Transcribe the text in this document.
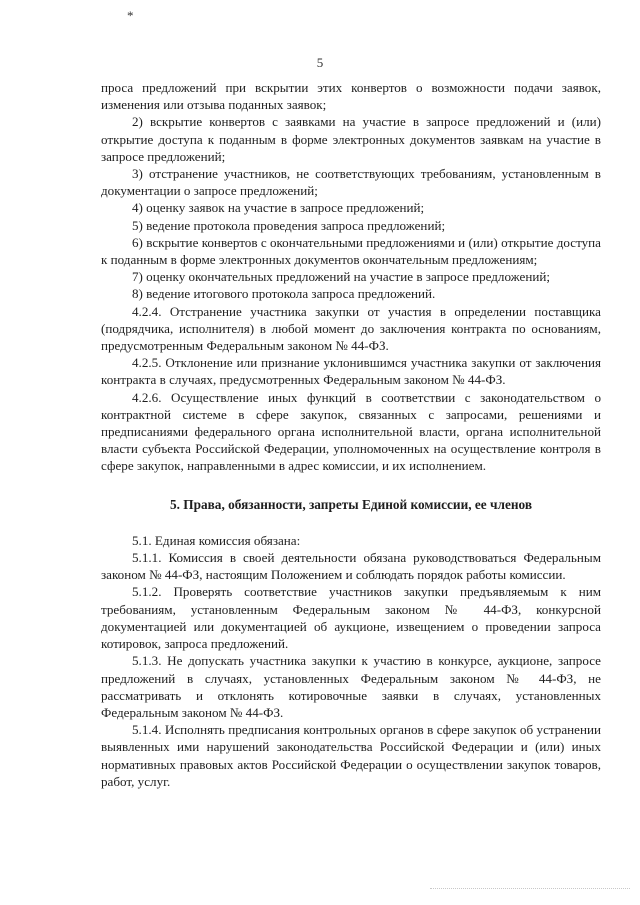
*
5

проса предложений при вскрытии этих конвертов о возможности подачи заявок, изменения или отзыва поданных заявок;

2) вскрытие конвертов с заявками на участие в запросе предложений и (или) открытие доступа к поданным в форме электронных документов заявкам на участие в запросе предложений;

3) отстранение участников, не соответствующих требованиям, установленным в документации о запросе предложений;

4) оценку заявок на участие в запросе предложений;

5) ведение протокола проведения запроса предложений;

6) вскрытие конвертов с окончательными предложениями и (или) открытие доступа к поданным в форме электронных документов окончательным предложениям;

7) оценку окончательных предложений на участие в запросе предложений;

8) ведение итогового протокола запроса предложений.

4.2.4. Отстранение участника закупки от участия в определении поставщика (подрядчика, исполнителя) в любой момент до заключения контракта по основаниям, предусмотренным Федеральным законом № 44-ФЗ.

4.2.5. Отклонение или признание уклонившимся участника закупки от заключения контракта в случаях, предусмотренных Федеральным законом № 44-ФЗ.

4.2.6. Осуществление иных функций в соответствии с законодательством о контрактной системе в сфере закупок, связанных с запросами, решениями и предписаниями федерального органа исполнительной власти, органа исполнительной власти субъекта Российской Федерации, уполномоченных на осуществление контроля в сфере закупок, направленными в адрес комиссии, и их исполнением.

5. Права, обязанности, запреты Единой комиссии, ее членов

5.1. Единая комиссия обязана:

5.1.1. Комиссия в своей деятельности обязана руководствоваться Федеральным законом № 44-ФЗ, настоящим Положением и соблюдать порядок работы комиссии.

5.1.2. Проверять соответствие участников закупки предъявляемым к ним требованиям, установленным Федеральным законом № 44-ФЗ, конкурсной документацией или документацией об аукционе, извещением о проведении запроса котировок, запроса предложений.

5.1.3. Не допускать участника закупки к участию в конкурсе, аукционе, запросе предложений в случаях, установленных Федеральным законом № 44-ФЗ, не рассматривать и отклонять котировочные заявки в случаях, установленных Федеральным законом № 44-ФЗ.

5.1.4. Исполнять предписания контрольных органов в сфере закупок об устранении выявленных ими нарушений законодательства Российской Федерации и (или) иных нормативных правовых актов Российской Федерации о осуществлении закупок товаров, работ, услуг.
